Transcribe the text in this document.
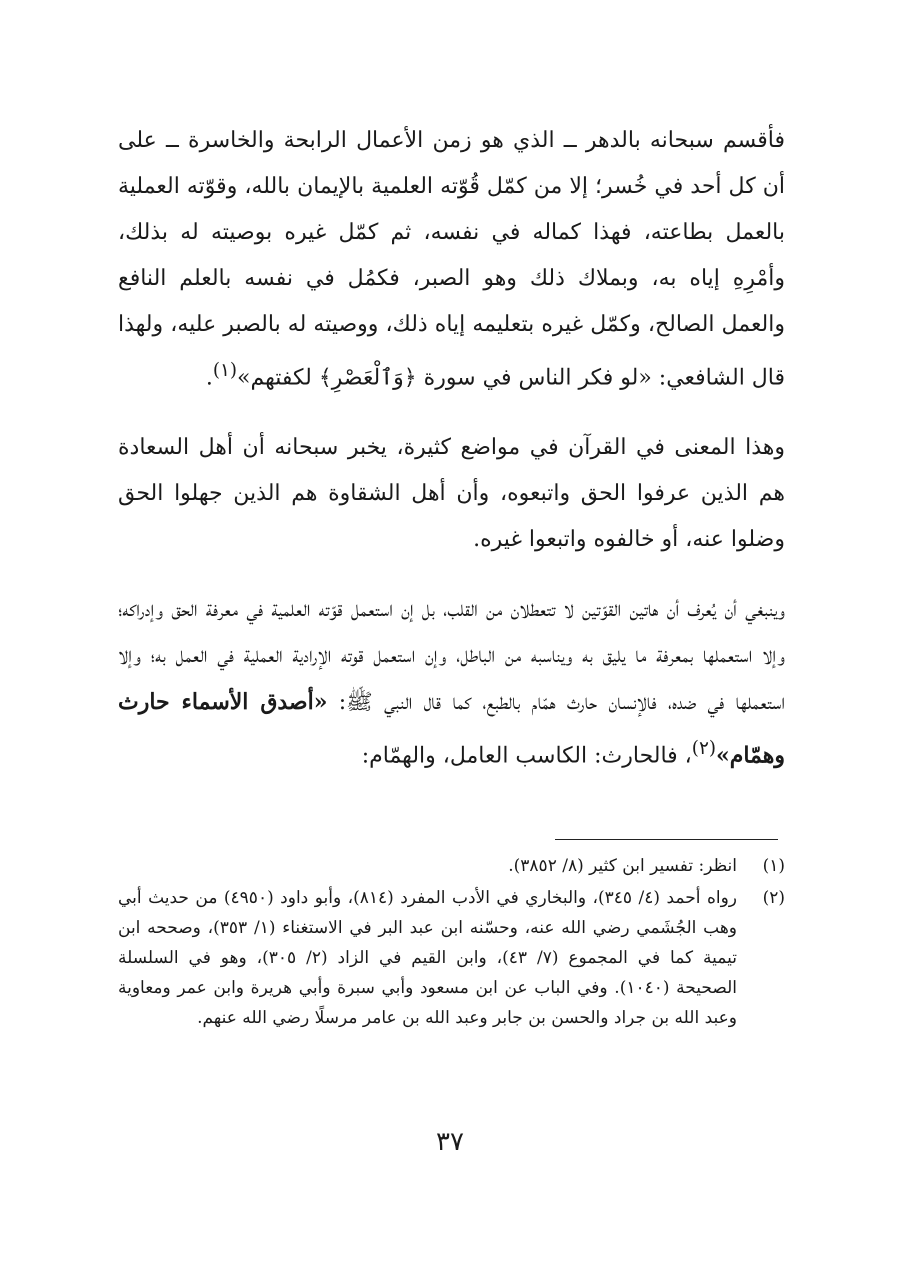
فأقسم سبحانه بالدهر ــ الذي هو زمن الأعمال الرابحة والخاسرة ــ على أن كل أحد في خُسر؛ إلا من كمّل قُوّته العلمية بالإيمان بالله، وقوّته العملية بالعمل بطاعته، فهذا كماله في نفسه، ثم كمّل غيره بوصيته له بذلك، وأمْرِهِ إياه به، وبملاك ذلك وهو الصبر، فكمُل في نفسه بالعلم النافع والعمل الصالح، وكمّل غيره بتعليمه إياه ذلك، ووصيته له بالصبر عليه، ولهذا قال الشافعي: «لو فكر الناس في سورة ﴿وَٱلْعَصْرِ﴾ لكفتهم»$^{(١)}$.

وهذا المعنى في القرآن في مواضع كثيرة، يخبر سبحانه أن أهل السعادة هم الذين عرفوا الحق واتبعوه، وأن أهل الشقاوة هم الذين جهلوا الحق وضلوا عنه، أو خالفوه واتبعوا غيره.

وينبغي أن يُعرف أن هاتين القوّتين لا تتعطلان من القلب، بل إن استعمل قوّته العلمية في معرفة الحق وإدراكه؛ وإلا استعملها بمعرفة ما يليق به ويناسبه من الباطل، وإن استعمل قوته الإرادية العملية في العمل به؛ وإلا استعملها في ضده، فالإنسان حارث همّام بالطبع، كما قال النبي ﷺ: «أصدق الأسماء حارث وهمّام»$^{(٢)}$، فالحارث: الكاسب العامل، والهمّام:

(١)
انظر: تفسير ابن كثير (٨/ ٣٨٥٢).
(٢)
رواه أحمد (٤/ ٣٤٥)، والبخاري في الأدب المفرد (٨١٤)، وأبو داود (٤٩٥٠) من حديث أبي وهب الجُشَمي رضي الله عنه، وحسّنه ابن عبد البر في الاستغناء (١/ ٣٥٣)، وصححه ابن تيمية كما في المجموع (٧/ ٤٣)، وابن القيم في الزاد (٢/ ٣٠٥)، وهو في السلسلة الصحيحة (١٠٤٠). وفي الباب عن ابن مسعود وأبي سبرة وأبي هريرة وابن عمر ومعاوية وعبد الله بن جراد والحسن بن جابر وعبد الله بن عامر مرسلًا رضي الله عنهم.
٣٧
